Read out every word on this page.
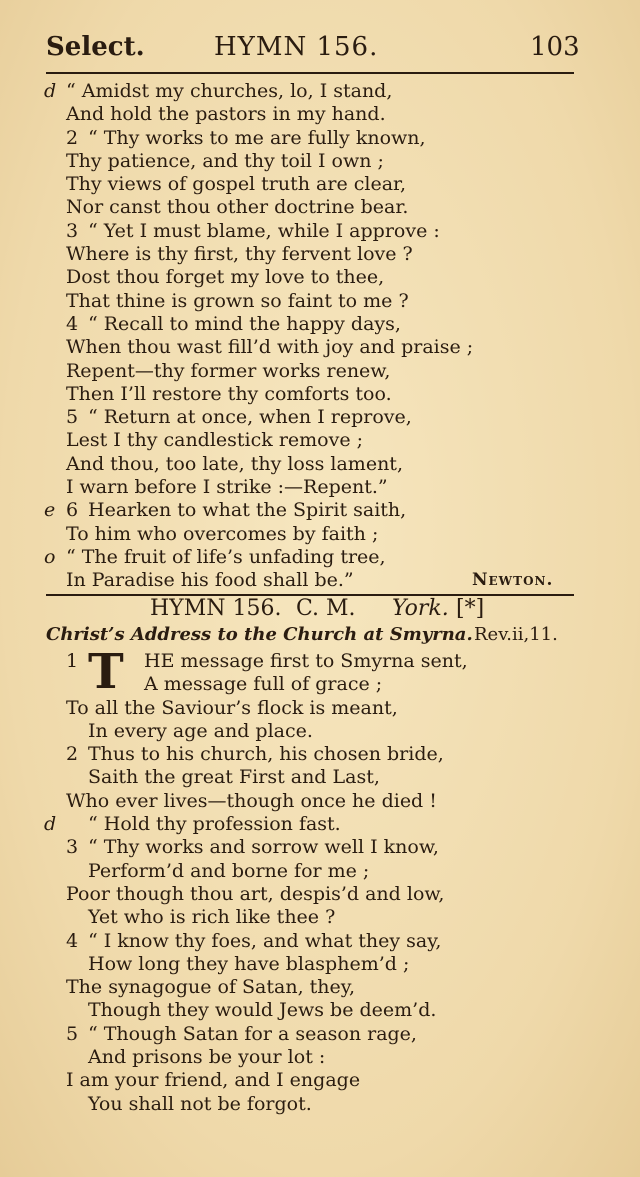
Select.	HYMN 156.	103
d “ Amidst my churches, lo, I stand,
And hold the pastors in my hand.
2 “ Thy works to me are fully known,
Thy patience, and thy toil I own ;
Thy views of gospel truth are clear,
Nor canst thou other doctrine bear.
3 “ Yet I must blame, while I approve :
Where is thy first, thy fervent love ?
Dost thou forget my love to thee,
That thine is grown so faint to me ?
4 “ Recall to mind the happy days,
When thou wast fill’d with joy and praise ;
Repent—thy former works renew,
Then I’ll restore thy comforts too.
5 “ Return at once, when I reprove,
Lest I thy candlestick remove ;
And thou, too late, thy loss lament,
I warn before I strike :—Repent.”
e 6 Hearken to what the Spirit saith,
To him who overcomes by faith ;
o “ The fruit of life’s unfading tree,
In Paradise his food shall be.”	Newton.
HYMN 156. C. M. York. [*]
Christ’s Address to the Church at Smyrna. Rev.ii,11.
T
1	HE message first to Smyrna sent,
A message full of grace ;
To all the Saviour’s flock is meant,
In every age and place.
2 Thus to his church, his chosen bride,
Saith the great First and Last,
Who ever lives—though once he died !
d “ Hold thy profession fast.
3 “ Thy works and sorrow well I know,
Perform’d and borne for me ;
Poor though thou art, despis’d and low,
Yet who is rich like thee ?
4 “ I know thy foes, and what they say,
How long they have blasphem’d ;
The synagogue of Satan, they,
Though they would Jews be deem’d.
5 “ Though Satan for a season rage,
And prisons be your lot :
I am your friend, and I engage
You shall not be forgot.
